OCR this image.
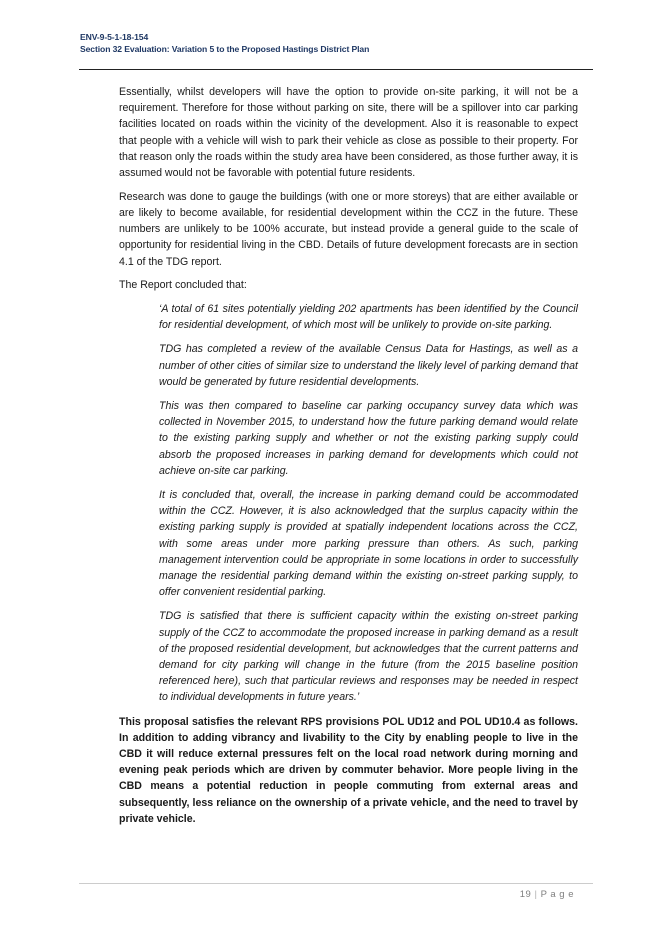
ENV-9-5-1-18-154
Section 32 Evaluation: Variation 5 to the Proposed Hastings District Plan

Essentially, whilst developers will have the option to provide on-site parking, it will not be a requirement. Therefore for those without parking on site, there will be a spillover into car parking facilities located on roads within the vicinity of the development. Also it is reasonable to expect that people with a vehicle will wish to park their vehicle as close as possible to their property. For that reason only the roads within the study area have been considered, as those further away, it is assumed would not be favorable with potential future residents.

Research was done to gauge the buildings (with one or more storeys) that are either available or are likely to become available, for residential development within the CCZ in the future. These numbers are unlikely to be 100% accurate, but instead provide a general guide to the scale of opportunity for residential living in the CBD. Details of future development forecasts are in section 4.1 of the TDG report.

The Report concluded that:

‘A total of 61 sites potentially yielding 202 apartments has been identified by the Council for residential development, of which most will be unlikely to provide on-site parking.

TDG has completed a review of the available Census Data for Hastings, as well as a number of other cities of similar size to understand the likely level of parking demand that would be generated by future residential developments.

This was then compared to baseline car parking occupancy survey data which was collected in November 2015, to understand how the future parking demand would relate to the existing parking supply and whether or not the existing parking supply could absorb the proposed increases in parking demand for developments which could not achieve on-site car parking.

It is concluded that, overall, the increase in parking demand could be accommodated within the CCZ. However, it is also acknowledged that the surplus capacity within the existing parking supply is provided at spatially independent locations across the CCZ, with some areas under more parking pressure than others. As such, parking management intervention could be appropriate in some locations in order to successfully manage the residential parking demand within the existing on-street parking supply, to offer convenient residential parking.

TDG is satisfied that there is sufficient capacity within the existing on-street parking supply of the CCZ to accommodate the proposed increase in parking demand as a result of the proposed residential development, but acknowledges that the current patterns and demand for city parking will change in the future (from the 2015 baseline position referenced here), such that particular reviews and responses may be needed in respect to individual developments in future years.’

This proposal satisfies the relevant RPS provisions POL UD12 and POL UD10.4 as follows. In addition to adding vibrancy and livability to the City by enabling people to live in the CBD it will reduce external pressures felt on the local road network during morning and evening peak periods which are driven by commuter behavior. More people living in the CBD means a potential reduction in people commuting from external areas and subsequently, less reliance on the ownership of a private vehicle, and the need to travel by private vehicle.

19 | P a g e
